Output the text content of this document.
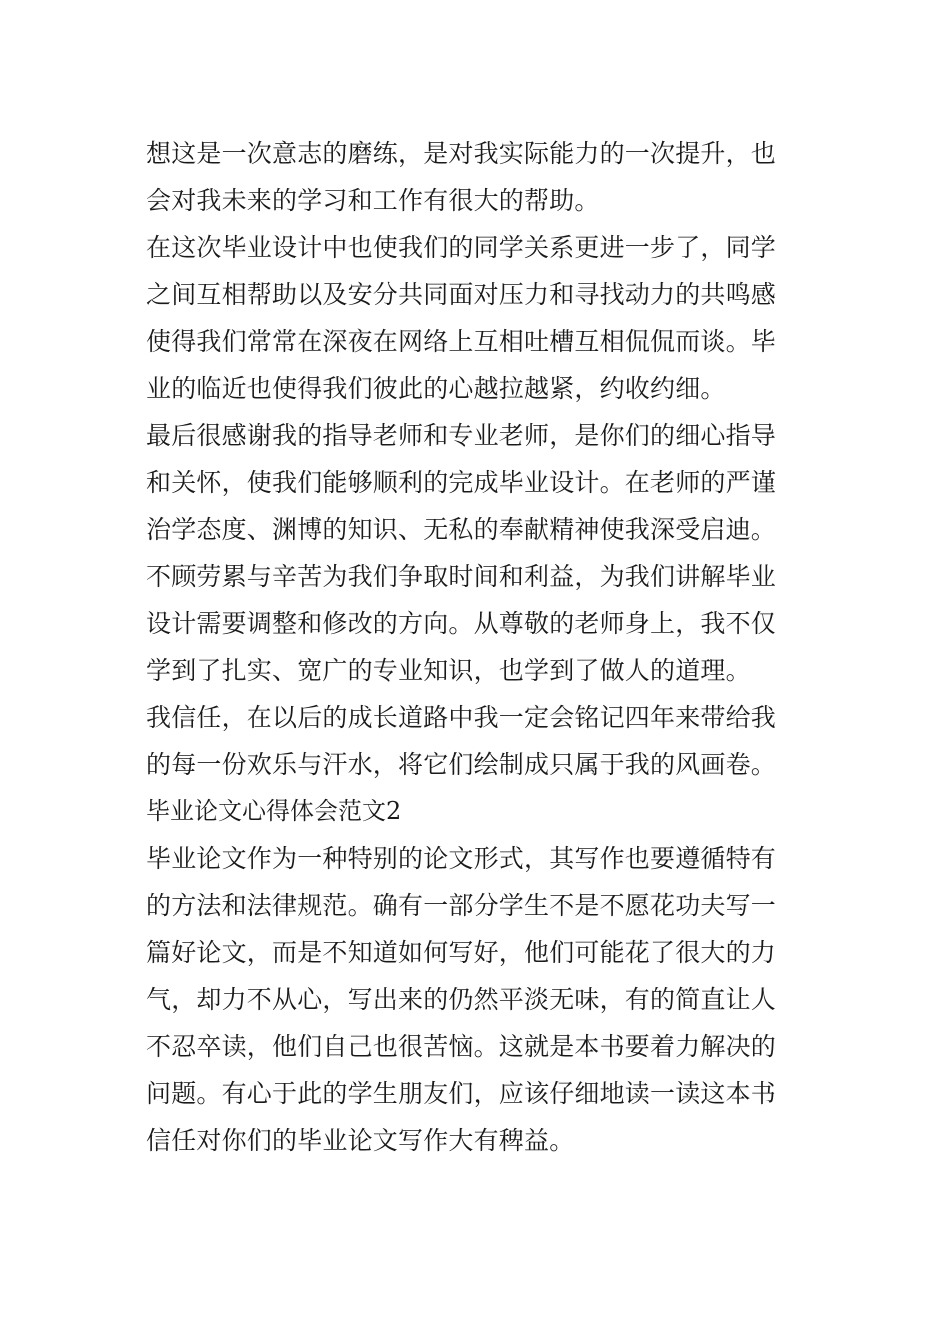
想这是一次意志的磨练，是对我实际能力的一次提升，也
会对我未来的学习和工作有很大的帮助。
在这次毕业设计中也使我们的同学关系更进一步了，同学
之间互相帮助以及安分共同面对压力和寻找动力的共鸣感
使得我们常常在深夜在网络上互相吐槽互相侃侃而谈。毕
业的临近也使得我们彼此的心越拉越紧，约收约细。
最后很感谢我的指导老师和专业老师，是你们的细心指导
和关怀，使我们能够顺利的完成毕业设计。在老师的严谨
治学态度、渊博的知识、无私的奉献精神使我深受启迪。
不顾劳累与辛苦为我们争取时间和利益，为我们讲解毕业
设计需要调整和修改的方向。从尊敬的老师身上，我不仅
学到了扎实、宽广的专业知识，也学到了做人的道理。
我信任，在以后的成长道路中我一定会铭记四年来带给我
的每一份欢乐与汗水，将它们绘制成只属于我的风画卷。
毕业论文心得体会范文2
毕业论文作为一种特别的论文形式，其写作也要遵循特有
的方法和法律规范。确有一部分学生不是不愿花功夫写一
篇好论文，而是不知道如何写好，他们可能花了很大的力
气，却力不从心，写出来的仍然平淡无味，有的简直让人
不忍卒读，他们自己也很苦恼。这就是本书要着力解决的
问题。有心于此的学生朋友们，应该仔细地读一读这本书
信任对你们的毕业论文写作大有稗益。
